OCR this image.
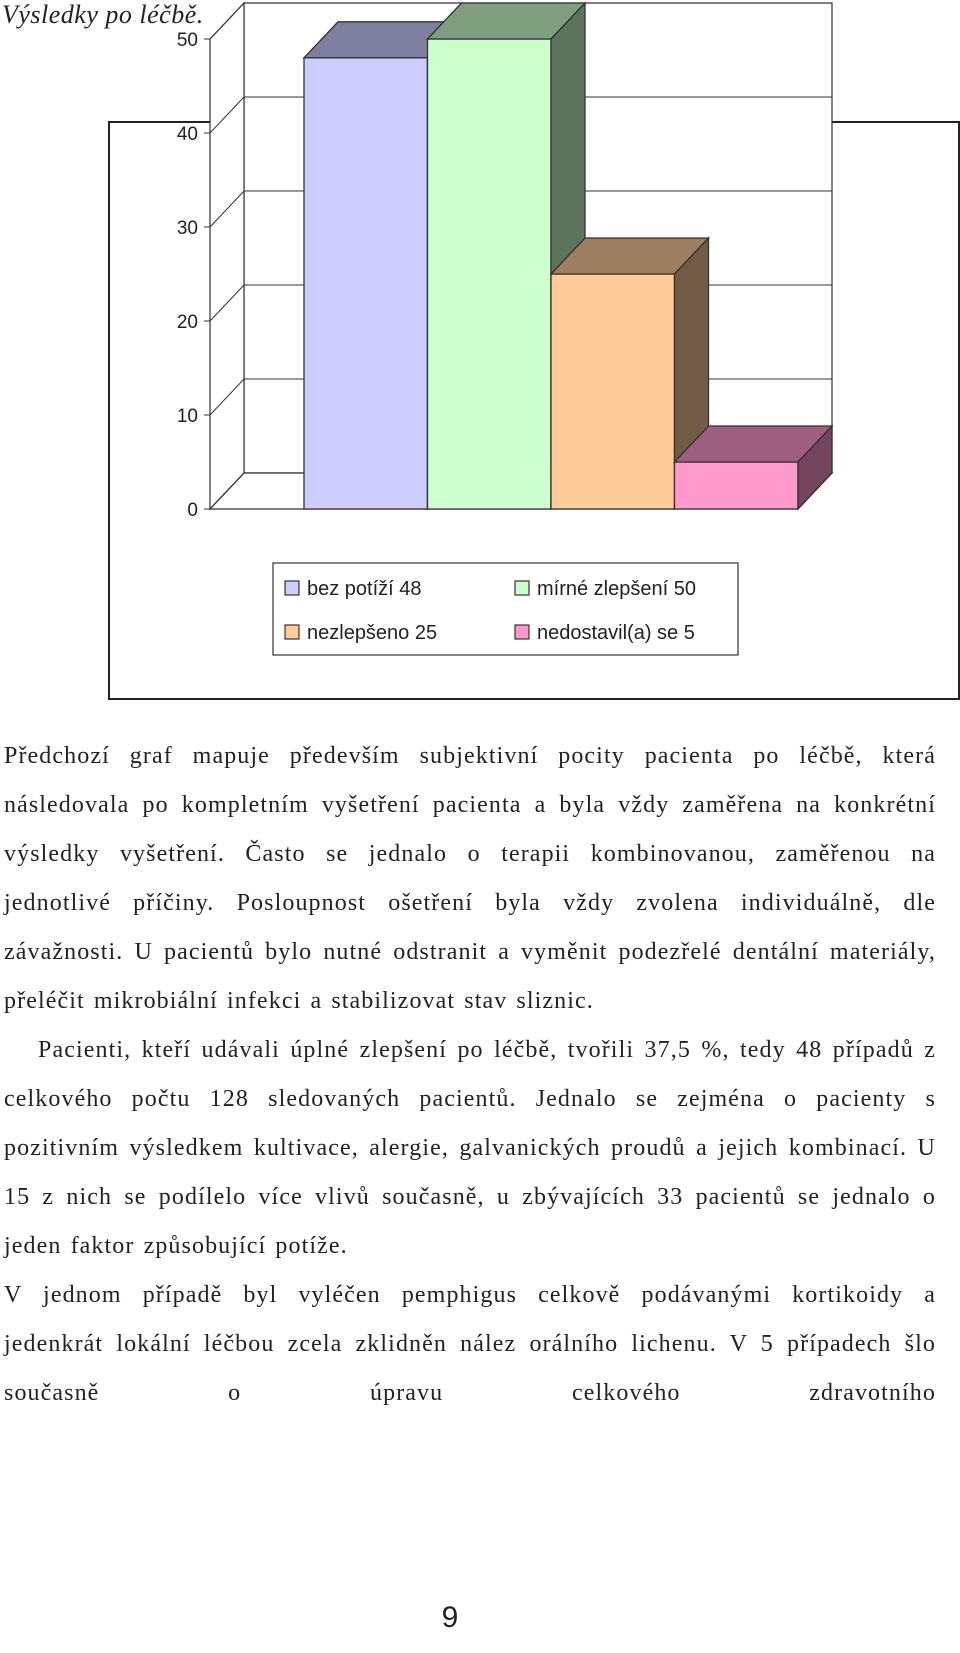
Výsledky po léčbě.
0
10
20
30
40
50
bez potíží 48	mírné zlepšení 50
nezlepšeno 25	nedostavil(a) se 5

Předchozí graf mapuje především subjektivní pocity pacienta po léčbě, která následovala po kompletním vyšetření pacienta a byla vždy zaměřena na konkrétní výsledky vyšetření. Často se jednalo o terapii kombinovanou, zaměřenou na jednotlivé příčiny. Posloupnost ošetření byla vždy zvolena individuálně, dle závažnosti. U pacientů bylo nutné odstranit a vyměnit podezřelé dentální materiály, přeléčit mikrobiální infekci a stabilizovat stav sliznic.

Pacienti, kteří udávali úplné zlepšení po léčbě, tvořili 37,5 %, tedy 48 případů z celkového počtu 128 sledovaných pacientů. Jednalo se zejména o pacienty s pozitivním výsledkem kultivace, alergie, galvanických proudů a jejich kombinací. U 15 z nich se podílelo více vlivů současně, u zbývajících 33 pacientů se jednalo o jeden faktor způsobující potíže.

V jednom případě byl vyléčen pemphigus celkově podávanými kortikoidy a jedenkrát lokální léčbou zcela zklidněn nález orálního lichenu. V 5 případech šlo současně o úpravu celkového zdravotního

9
